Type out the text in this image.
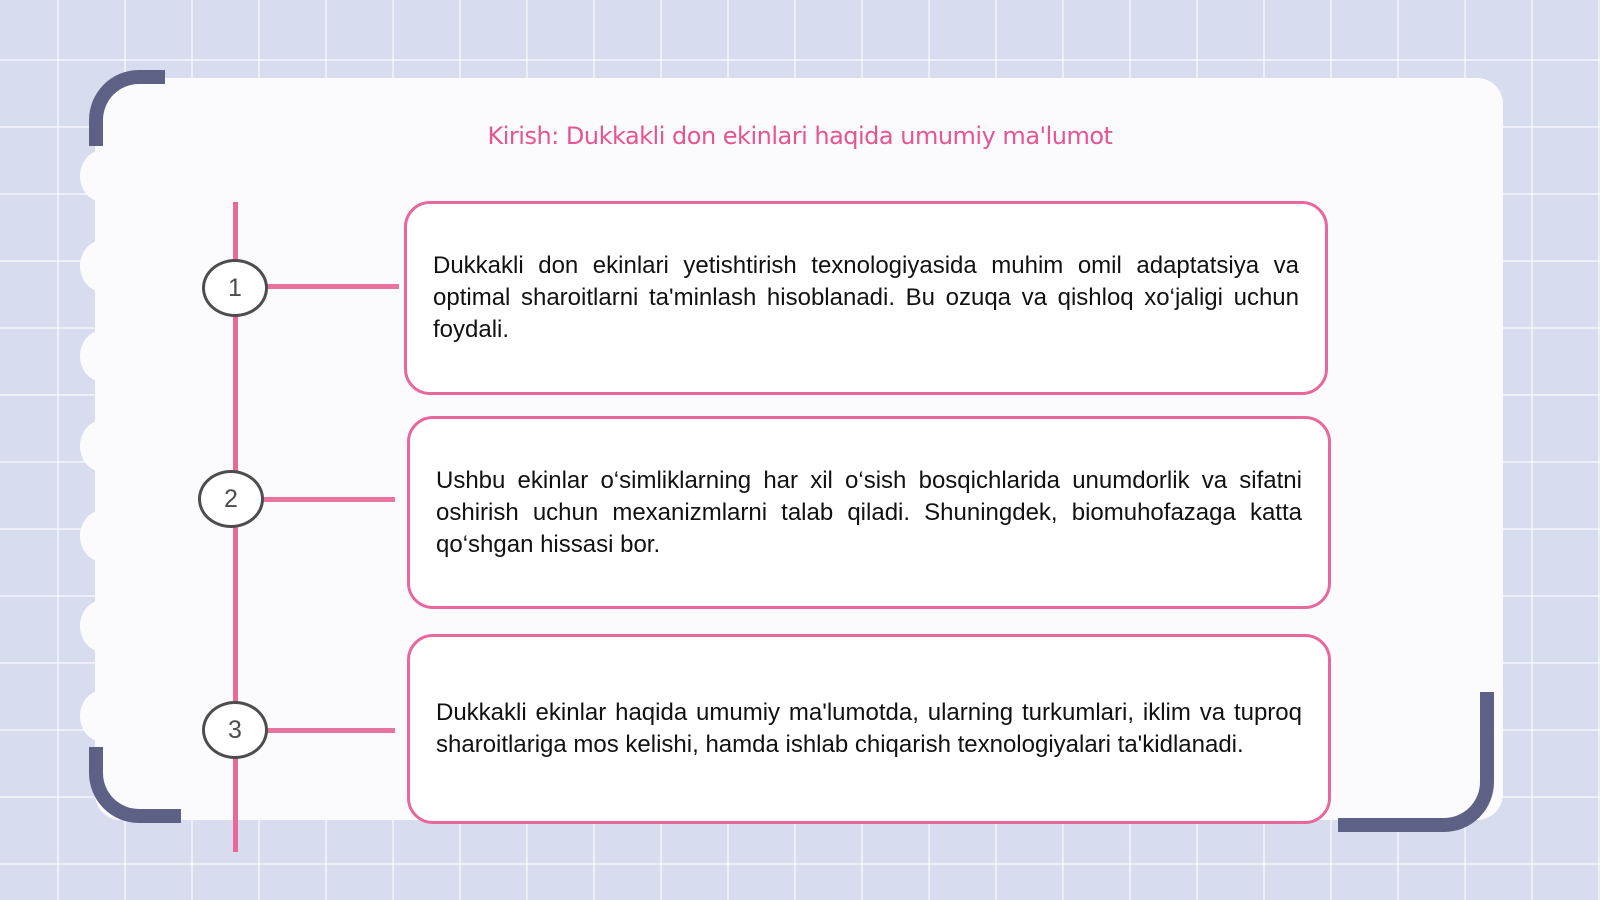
Kirish: Dukkakli don ekinlari haqida umumiy ma'lumot
1
Dukkakli don ekinlari yetishtirish texnologiyasida muhim omil adaptatsiya va optimal sharoitlarni ta'minlash hisoblanadi. Bu ozuqa va qishloq xo‘jaligi uchun foydali.
2
Ushbu ekinlar o‘simliklarning har xil o‘sish bosqichlarida unumdorlik va sifatni oshirish uchun mexanizmlarni talab qiladi. Shuningdek, biomuhofazaga katta qo‘shgan hissasi bor.
3
Dukkakli ekinlar haqida umumiy ma'lumotda, ularning turkumlari, iklim va tuproq sharoitlariga mos kelishi, hamda ishlab chiqarish texnologiyalari ta'kidlanadi.
